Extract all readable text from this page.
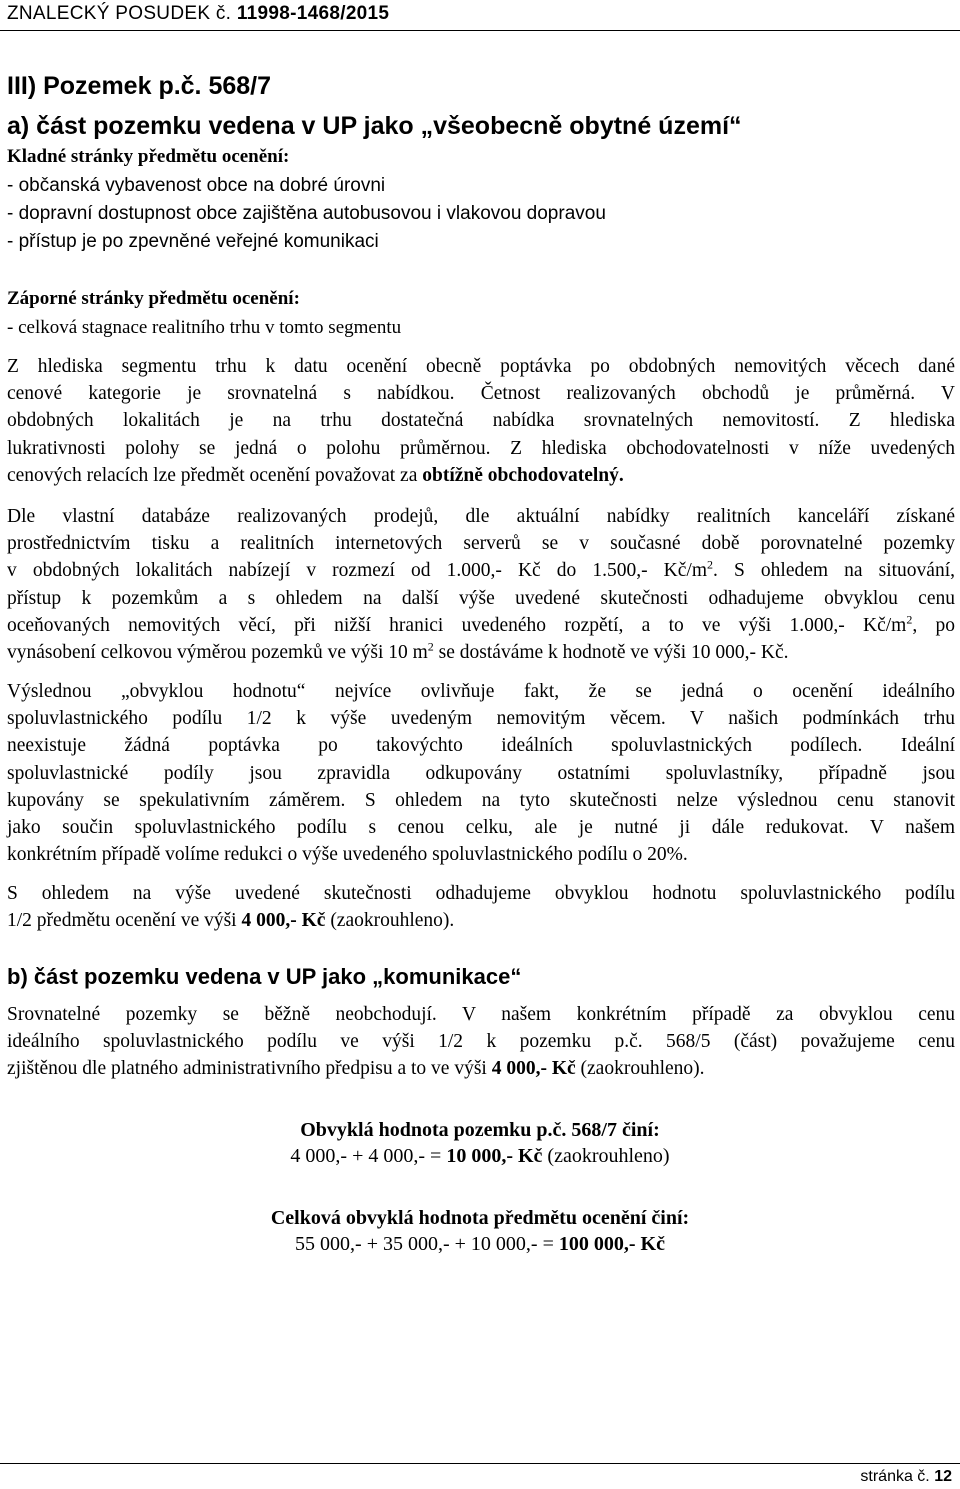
ZNALECKÝ POSUDEK č. 11998-1468/2015
III) Pozemek p.č. 568/7
a) část pozemku vedena v UP jako „všeobecně obytné území“
Kladné stránky předmětu ocenění:
- občanská vybavenost obce na dobré úrovni
- dopravní dostupnost obce zajištěna autobusovou i vlakovou dopravou
- přístup je po zpevněné veřejné komunikaci
Záporné stránky předmětu ocenění:
- celková stagnace realitního trhu v tomto segmentu
Z hlediska segmentu trhu k datu ocenění obecně poptávka po obdobných nemovitých věcech dané
cenové kategorie je srovnatelná s nabídkou. Četnost realizovaných obchodů je průměrná. V
obdobných lokalitách je na trhu dostatečná nabídka srovnatelných nemovitostí. Z hlediska
lukrativnosti polohy se jedná o polohu průměrnou. Z hlediska obchodovatelnosti v níže uvedených
cenových relacích lze předmět ocenění považovat za obtížně obchodovatelný.
Dle vlastní databáze realizovaných prodejů, dle aktuální nabídky realitních kanceláří získané
prostřednictvím tisku a realitních internetových serverů se v současné době porovnatelné pozemky
v obdobných lokalitách nabízejí v rozmezí od 1.000,- Kč do 1.500,- $Kč/m^2$. S ohledem na situování,
přístup k pozemkům a s ohledem na další výše uvedené skutečnosti odhadujeme obvyklou cenu
oceňovaných nemovitých věcí, při nižší hranici uvedeného rozpětí, a to ve výši 1.000,- $Kč/m^2$, po
vynásobení celkovou výměrou pozemků ve výši 10 $m^2$ se dostáváme k hodnotě ve výši 10 000,- Kč.
Výslednou „obvyklou hodnotu“ nejvíce ovlivňuje fakt, že se jedná o ocenění ideálního
spoluvlastnického podílu 1/2 k výše uvedeným nemovitým věcem. V našich podmínkách trhu
neexistuje žádná poptávka po takovýchto ideálních spoluvlastnických podílech. Ideální
spoluvlastnické podíly jsou zpravidla odkupovány ostatními spoluvlastníky, případně jsou
kupovány se spekulativním záměrem. S ohledem na tyto skutečnosti nelze výslednou cenu stanovit
jako součin spoluvlastnického podílu s cenou celku, ale je nutné ji dále redukovat. V našem
konkrétním případě volíme redukci o výše uvedeného spoluvlastnického podílu o 20%.
S ohledem na výše uvedené skutečnosti odhadujeme obvyklou hodnotu spoluvlastnického podílu
1/2 předmětu ocenění ve výši 4 000,- Kč (zaokrouhleno).
b) část pozemku vedena v UP jako „komunikace“
Srovnatelné pozemky se běžně neobchodují. V našem konkrétním případě za obvyklou cenu
ideálního spoluvlastnického podílu ve výši 1/2 k pozemku p.č. 568/5 (část) považujeme cenu
zjištěnou dle platného administrativního předpisu a to ve výši 4 000,- Kč (zaokrouhleno).
Obvyklá hodnota pozemku p.č. 568/7 činí:
4 000,- + 4 000,- = 10 000,- Kč (zaokrouhleno)
Celková obvyklá hodnota předmětu ocenění činí:
55 000,- + 35 000,- + 10 000,- = 100 000,- Kč
stránka č. 12
